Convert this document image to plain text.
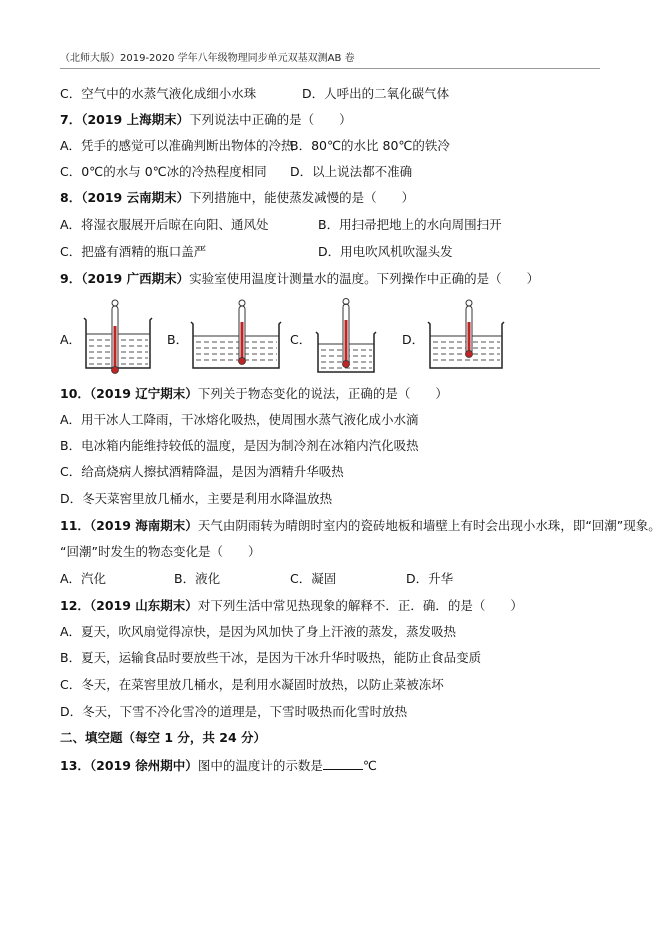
（北师大版）2019-2020 学年八年级物理同步单元双基双测AB 卷
C．空气中的水蒸气液化成细小水珠	D．人呼出的二氧化碳气体
7．（2019 上海期末）下列说法中正确的是（　　）
A．凭手的感觉可以准确判断出物体的冷热
B．80℃的水比 80℃的铁冷
C．0℃的水与 0℃冰的冷热程度相同 D．以上说法都不准确
8．（2019 云南期末）下列措施中，能使蒸发减慢的是（　　）
A．将湿衣服展开后晾在向阳、通风处	B．用扫帚把地上的水向周围扫开
C．把盛有酒精的瓶口盖严	D．用电吹风机吹湿头发
9．（2019 广西期末）实验室使用温度计测量水的温度。下列操作中正确的是（　　）
A．	B．	C．	D．
10．（2019 辽宁期末）下列关于物态变化的说法，正确的是（　　）
A．用干冰人工降雨，干冰熔化吸热，使周围水蒸气液化成小水滴
B．电冰箱内能维持较低的温度，是因为制冷剂在冰箱内汽化吸热
C．给高烧病人擦拭酒精降温，是因为酒精升华吸热
D．冬天菜窖里放几桶水，主要是利用水降温放热
11．（2019 海南期末）天气由阴雨转为晴朗时室内的瓷砖地板和墙壁上有时会出现小水珠，即“回潮”现象。
“回潮”时发生的物态变化是（　　）
A．汽化	B．液化	C．凝固	D．升华
12．（2019 山东期末）对下列生活中常见热现象的解释不．正．确．的是（　　）
A．夏天，吹风扇觉得凉快，是因为风加快了身上汗液的蒸发，蒸发吸热
B．夏天，运输食品时要放些干冰，是因为干冰升华时吸热，能防止食品变质
C．冬天，在菜窖里放几桶水，是利用水凝固时放热，以防止菜被冻坏
D．冬天，下雪不冷化雪冷的道理是，下雪时吸热而化雪时放热
二、填空题（每空 1 分，共 24 分）
13．（2019 徐州期中）图中的温度计的示数是	℃
